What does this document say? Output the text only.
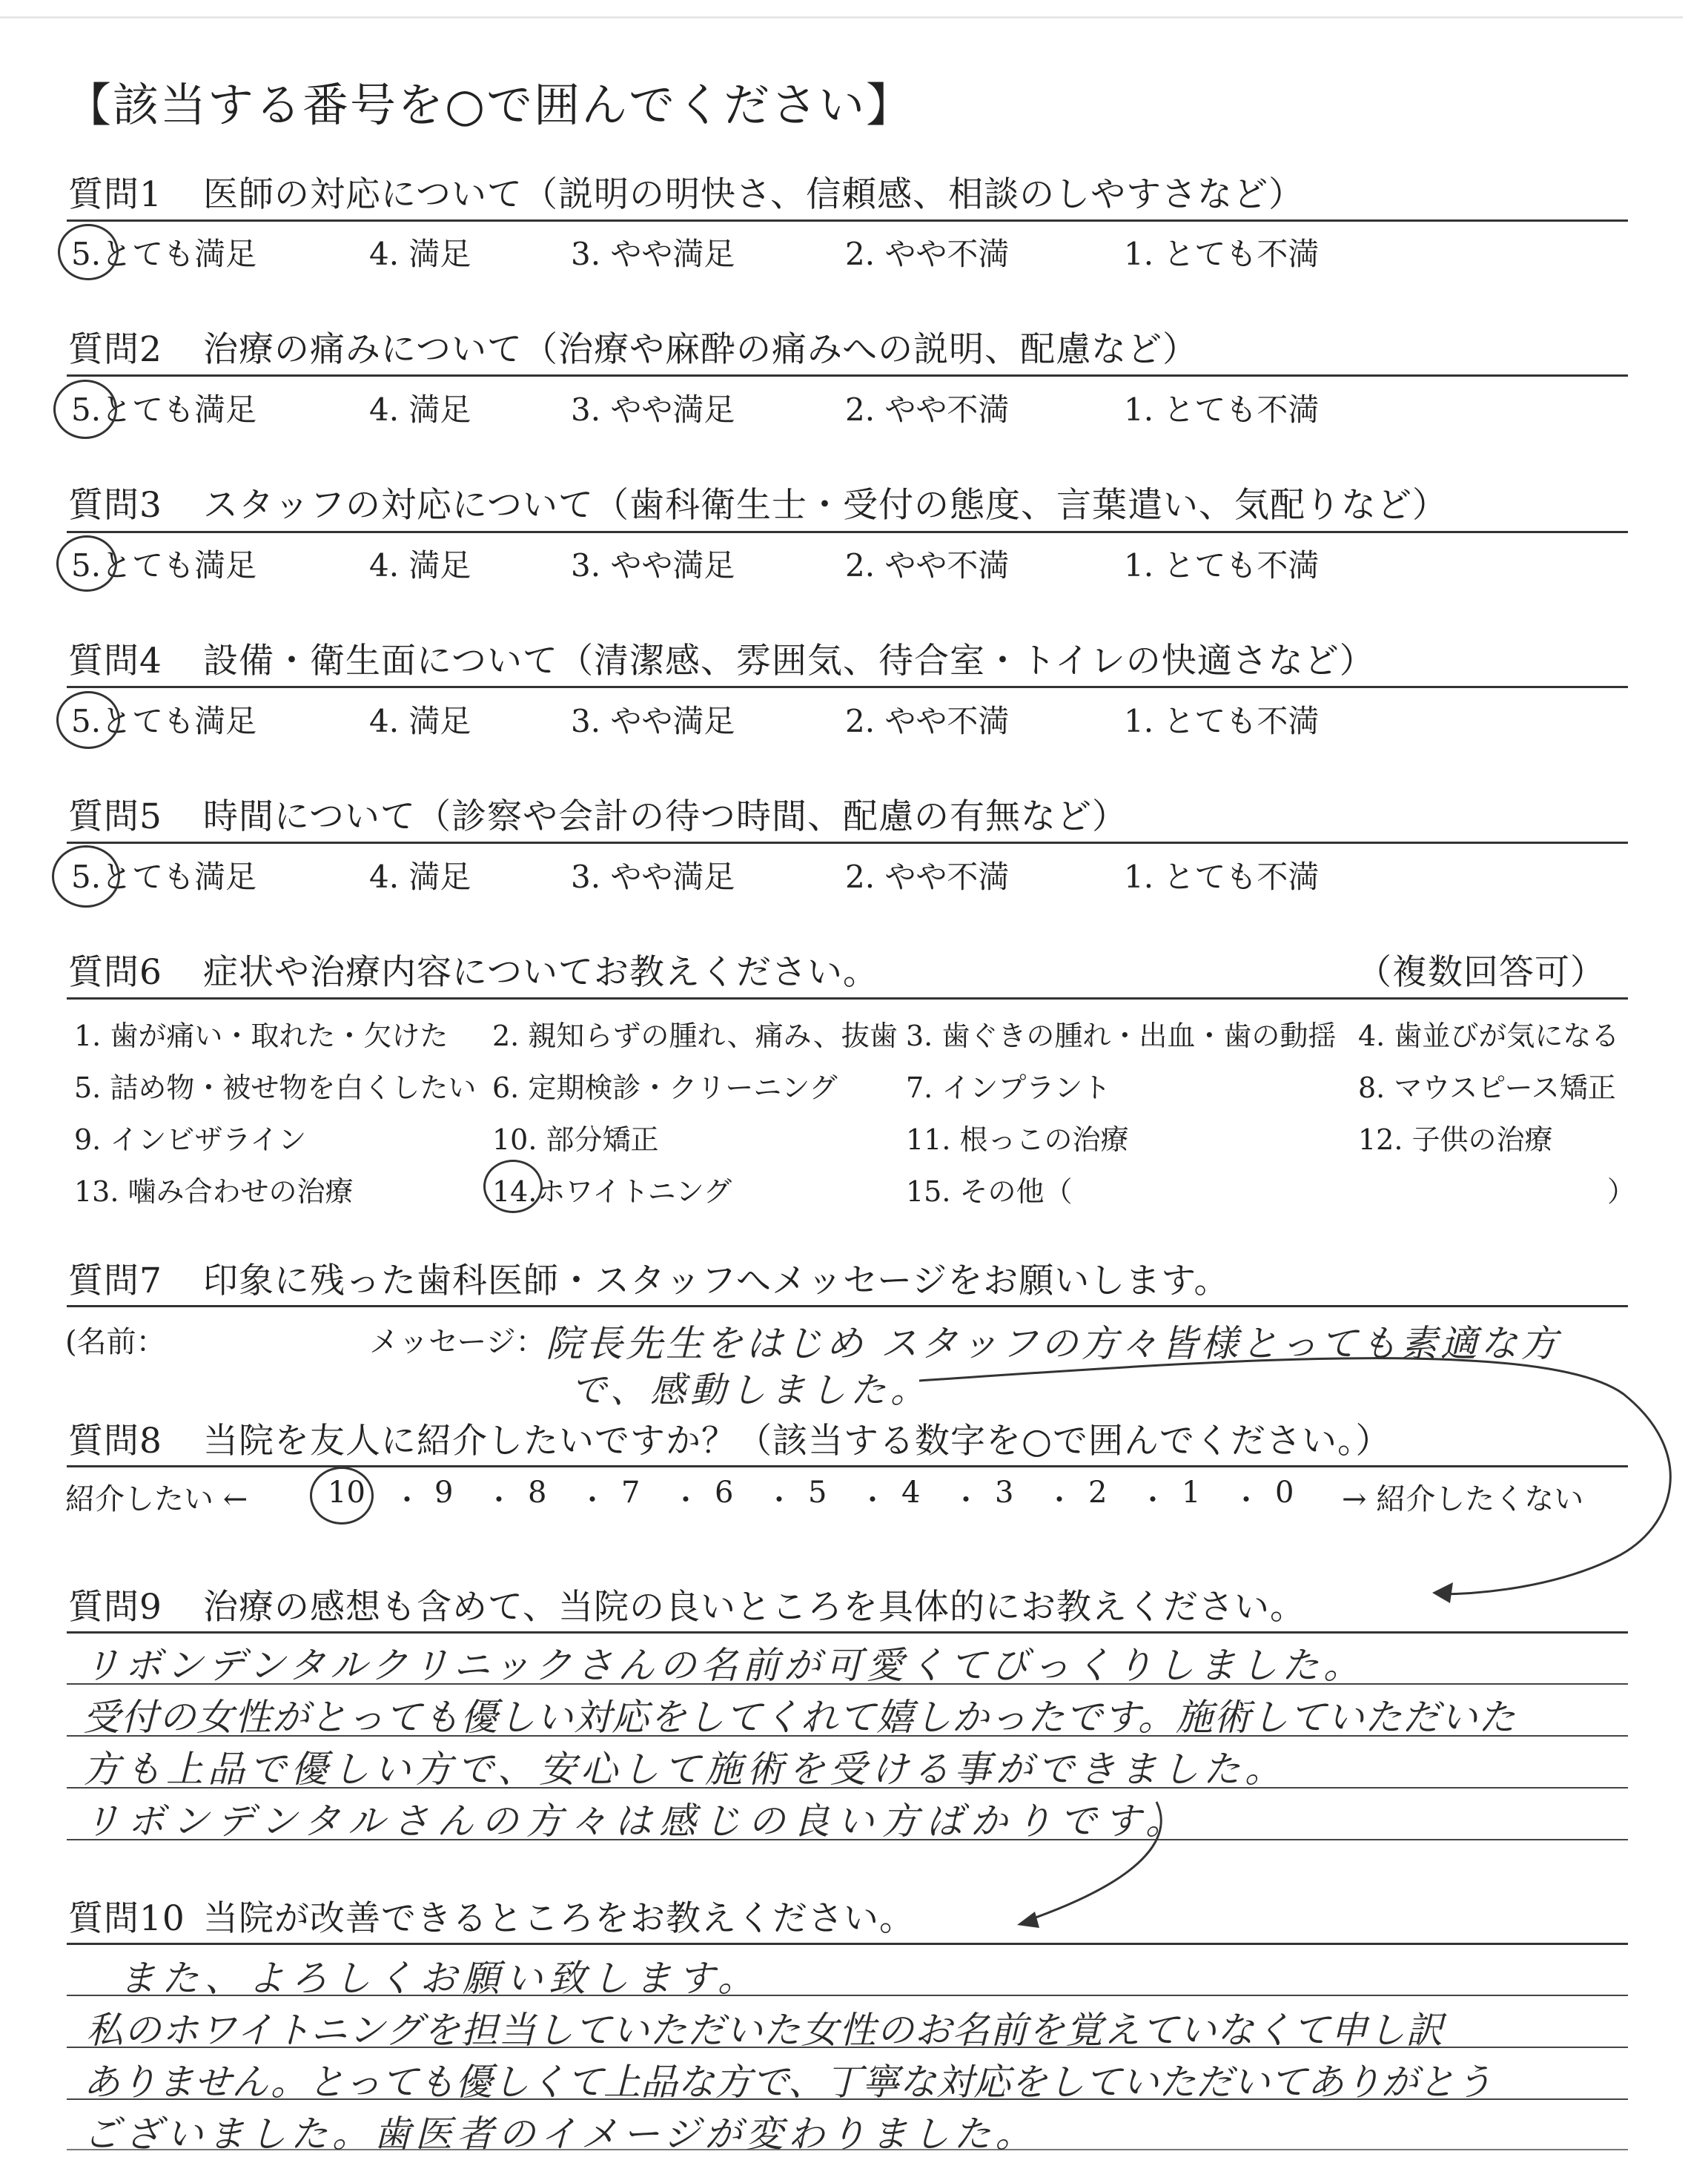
【該当する番号を○で囲んでください】
質問1 医師の対応について（説明の明快さ、信頼感、相談のしやすさなど）
5.とても満足	4. 満足	3. やや満足	2. やや不満	1. とても不満
質問2 治療の痛みについて（治療や麻酔の痛みへの説明、配慮など）
5.とても満足	4. 満足	3. やや満足	2. やや不満	1. とても不満
質問3 スタッフの対応について（歯科衛生士・受付の態度、言葉遣い、気配りなど）
5.とても満足	4. 満足	3. やや満足	2. やや不満	1. とても不満
質問4 設備・衛生面について（清潔感、雰囲気、待合室・トイレの快適さなど）
5.とても満足	4. 満足	3. やや満足	2. やや不満	1. とても不満
質問5 時間について（診察や会計の待つ時間、配慮の有無など）
5.とても満足	4. 満足	3. やや満足	2. やや不満	1. とても不満
質問6 症状や治療内容についてお教えください。	（複数回答可）
1. 歯が痛い・取れた・欠けた 2. 親知らずの腫れ、痛み、抜歯 3. 歯ぐきの腫れ・出血・歯の動揺 4. 歯並びが気になる
5. 詰め物・被せ物を白くしたい 6. 定期検診・クリーニング 7. インプラント	8. マウスピース矯正
9. インビザライン	10. 部分矯正	11. 根っこの治療	12. 子供の治療
13. 噛み合わせの治療	14.ホワイトニング	15. その他（	）
質問7 印象に残った歯科医師・スタッフへメッセージをお願いします。
(名前：	メッセージ： 院長先生をはじめ スタッフの方々皆様とっても素適な方
で、感動しました。
質問8 当院を友人に紹介したいですか？（該当する数字を○で囲んでください。）
紹介したい ←	→ 紹介したくない
10 ・ 9 ・ 8 ・ 7 ・ 6 ・ 5 ・ 4 ・ 3 ・ 2 ・ 1 ・ 0
質問9 治療の感想も含めて、当院の良いところを具体的にお教えください。
リボンデンタルクリニックさんの名前が可愛くてびっくりしました。
受付の女性がとっても優しい対応をしてくれて嬉しかったです。施術していただいた
方も上品で優しい方で、安心して施術を受ける事ができました。
リボンデンタルさんの方々は感じの良い方ばかりです。
質問10 当院が改善できるところをお教えください。
また、よろしくお願い致します。
私のホワイトニングを担当していただいた女性のお名前を覚えていなくて申し訳
ありません。とっても優しくて上品な方で、丁寧な対応をしていただいてありがとう
ございました。歯医者のイメージが変わりました。
